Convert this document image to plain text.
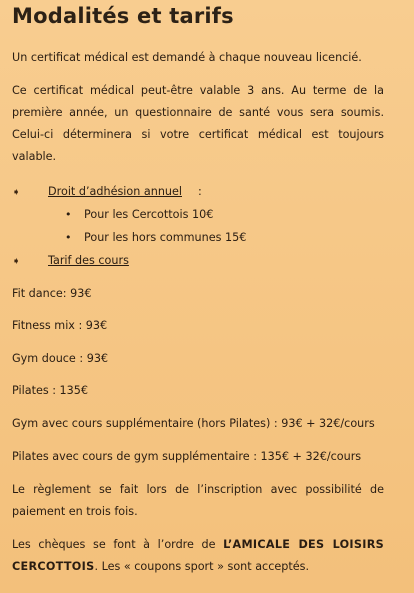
Modalités et tarifs
Un certificat médical est demandé à chaque nouveau licencié.
Ce certificat médical peut-être valable 3 ans. Au terme de la première année, un questionnaire de santé vous sera soumis. Celui-ci déterminera si votre certificat médical est toujours valable.
➧ Droit d’adhésion annuel :
• Pour les Cercottois 10€
• Pour les hors communes 15€
➧ Tarif des cours
Fit dance: 93€
Fitness mix : 93€
Gym douce : 93€
Pilates : 135€
Gym avec cours supplémentaire (hors Pilates) : 93€ + 32€/cours
Pilates avec cours de gym supplémentaire : 135€ + 32€/cours
Le règlement se fait lors de l’inscription avec possibilité de paiement en trois fois.
Les chèques se font à l’ordre de L’AMICALE DES LOISIRS CERCOTTOIS. Les « coupons sport » sont acceptés.
